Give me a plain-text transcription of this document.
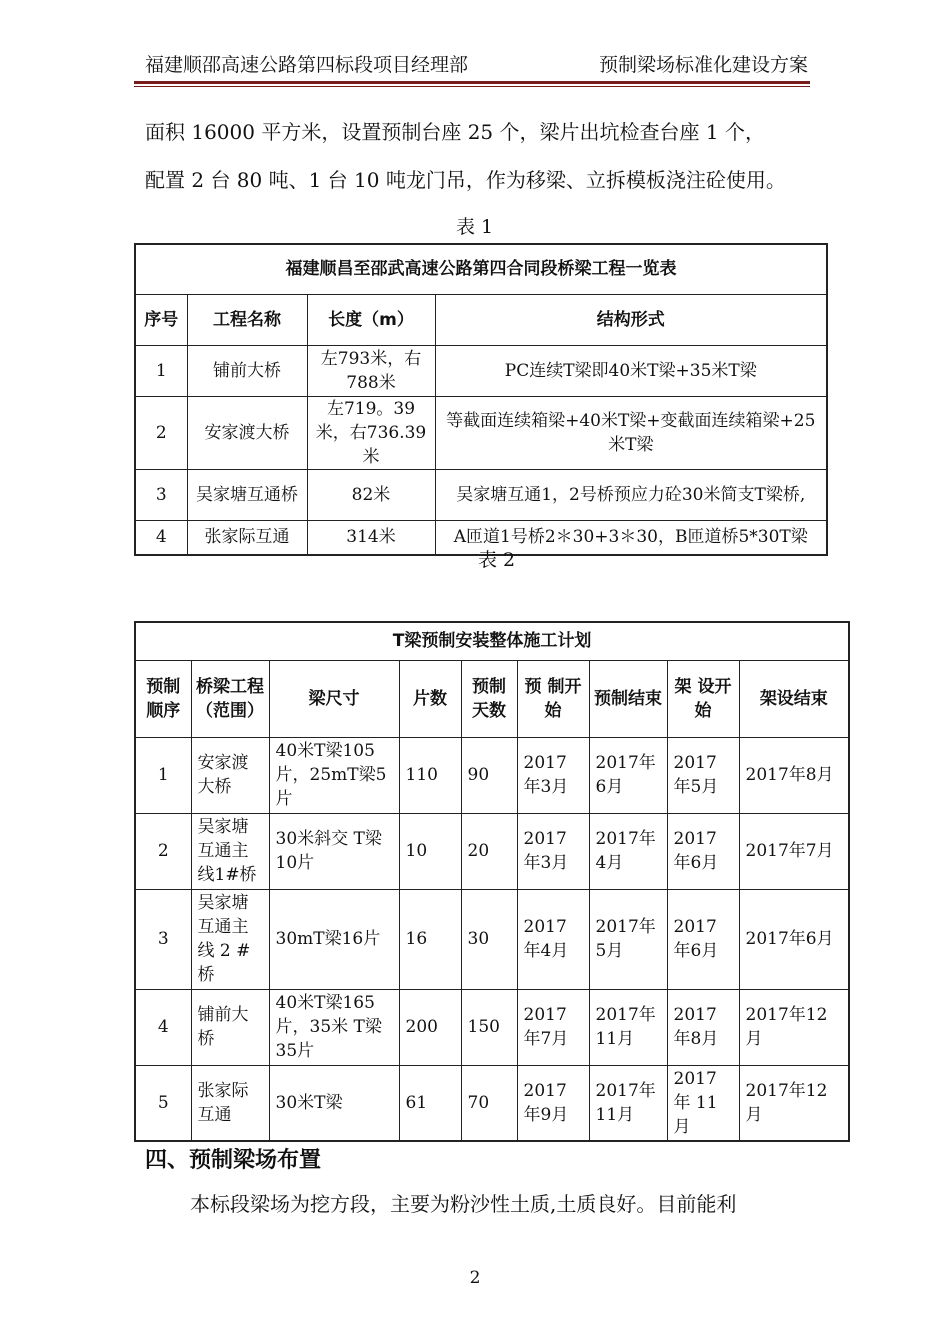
福建顺邵高速公路第四标段项目经理部	预制梁场标准化建设方案
面积 16000 平方米，设置预制台座 25 个，梁片出坑检查台座 1 个，
配置 2 台 80 吨、1 台 10 吨龙门吊，作为移梁、立拆模板浇注砼使用。
表 1
福建顺昌至邵武高速公路第四合同段桥梁工程一览表			
序号	工程名称	长度（m）	结构形式
1	铺前大桥	左793米，右788米	PC连续T梁即40米T梁+35米T梁
2	安家渡大桥	左719。39米，右736.39米	等截面连续箱梁+40米T梁+变截面连续箱梁+25米T梁
3	吴家塘互通桥	82米	吴家塘互通1，2号桥预应力砼30米简支T梁桥,
4	张家际互通	314米	A匝道1号桥2＊30+3＊30，B匝道桥5*30T梁
表 2
T梁预制安装整体施工计划								
预制顺序	桥梁工程（范围）	梁尺寸	片数	预制天数	预 制开始	预制结束	架 设开始	架设结束
1	安家渡大桥	40米T梁105片，25mT梁5片	110	90	2017年3月	2017年6月	2017年5月	2017年8月
2	吴家塘互通主线1#桥	30米斜交 T梁10片	10	20	2017年3月	2017年4月	2017年6月	2017年7月
3	吴家塘互通主线 2 #桥	30mT梁16片	16	30	2017年4月	2017年5月	2017年6月	2017年6月
4	铺前大桥	40米T梁165片，35米 T梁35片	200	150	2017年7月	2017年11月	2017年8月	2017年12月
5	张家际互通	30米T梁	61	70	2017年9月	2017年11月	2017年 11月	2017年12月
四、预制梁场布置
本标段梁场为挖方段，主要为粉沙性土质,土质良好。目前能利
2
